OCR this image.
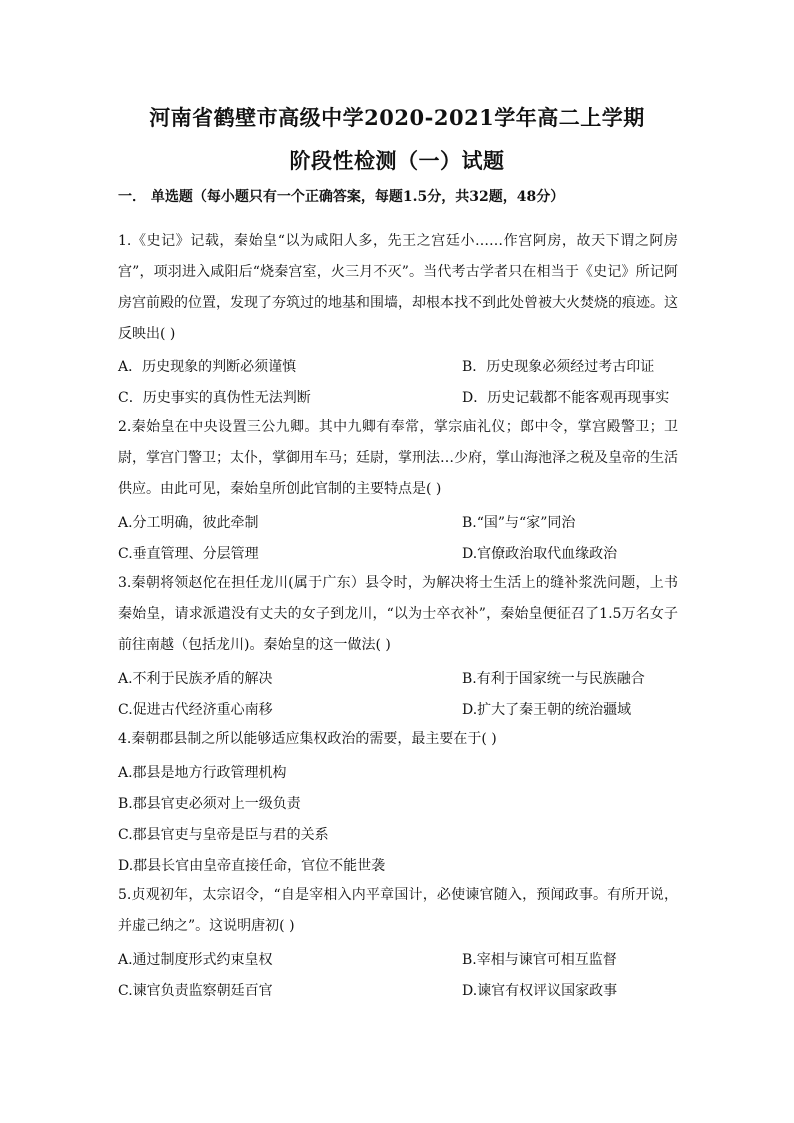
河南省鹤壁市高级中学2020-2021学年高二上学期
阶段性检测（一）试题
一． 单选题（每小题只有一个正确答案，每题1.5分，共32题，48分）
1.《史记》记载，秦始皇“以为咸阳人多，先王之宫廷小……作宫阿房，故天下谓之阿房宫”，项羽进入咸阳后“烧秦宫室，火三月不灭”。当代考古学者只在相当于《史记》所记阿房宫前殿的位置，发现了夯筑过的地基和围墙，却根本找不到此处曾被大火焚烧的痕迹。这反映出( )
A．历史现象的判断必须谨慎	B．历史现象必须经过考古印证
C．历史事实的真伪性无法判断	D．历史记载都不能客观再现事实
2.秦始皇在中央设置三公九卿。其中九卿有奉常，掌宗庙礼仪；郎中令，掌宫殿警卫；卫尉，掌宫门警卫；太仆，掌御用车马；廷尉，掌刑法…少府，掌山海池泽之税及皇帝的生活供应。由此可见，秦始皇所创此官制的主要特点是( )
A.分工明确，彼此牵制	B.“国”与“家”同治
C.垂直管理、分层管理	D.官僚政治取代血缘政治
3.秦朝将领赵佗在担任龙川(属于广东）县令时，为解决将士生活上的缝补浆洗问题，上书秦始皇，请求派遣没有丈夫的女子到龙川，“以为士卒衣补”，秦始皇便征召了1.5万名女子前往南越（包括龙川)。秦始皇的这一做法( )
A.不利于民族矛盾的解决	B.有利于国家统一与民族融合
C.促进古代经济重心南移	D.扩大了秦王朝的统治疆域
4.秦朝郡县制之所以能够适应集权政治的需要，最主要在于( )
A.郡县是地方行政管理机构
B.郡县官吏必须对上一级负责
C.郡县官吏与皇帝是臣与君的关系
D.郡县长官由皇帝直接任命，官位不能世袭
5.贞观初年，太宗诏令，“自是宰相入内平章国计，必使谏官随入，预闻政事。有所开说，并虚己纳之”。这说明唐初( )
A.通过制度形式约束皇权	B.宰相与谏官可相互监督
C.谏官负责监察朝廷百官	D.谏官有权评议国家政事
